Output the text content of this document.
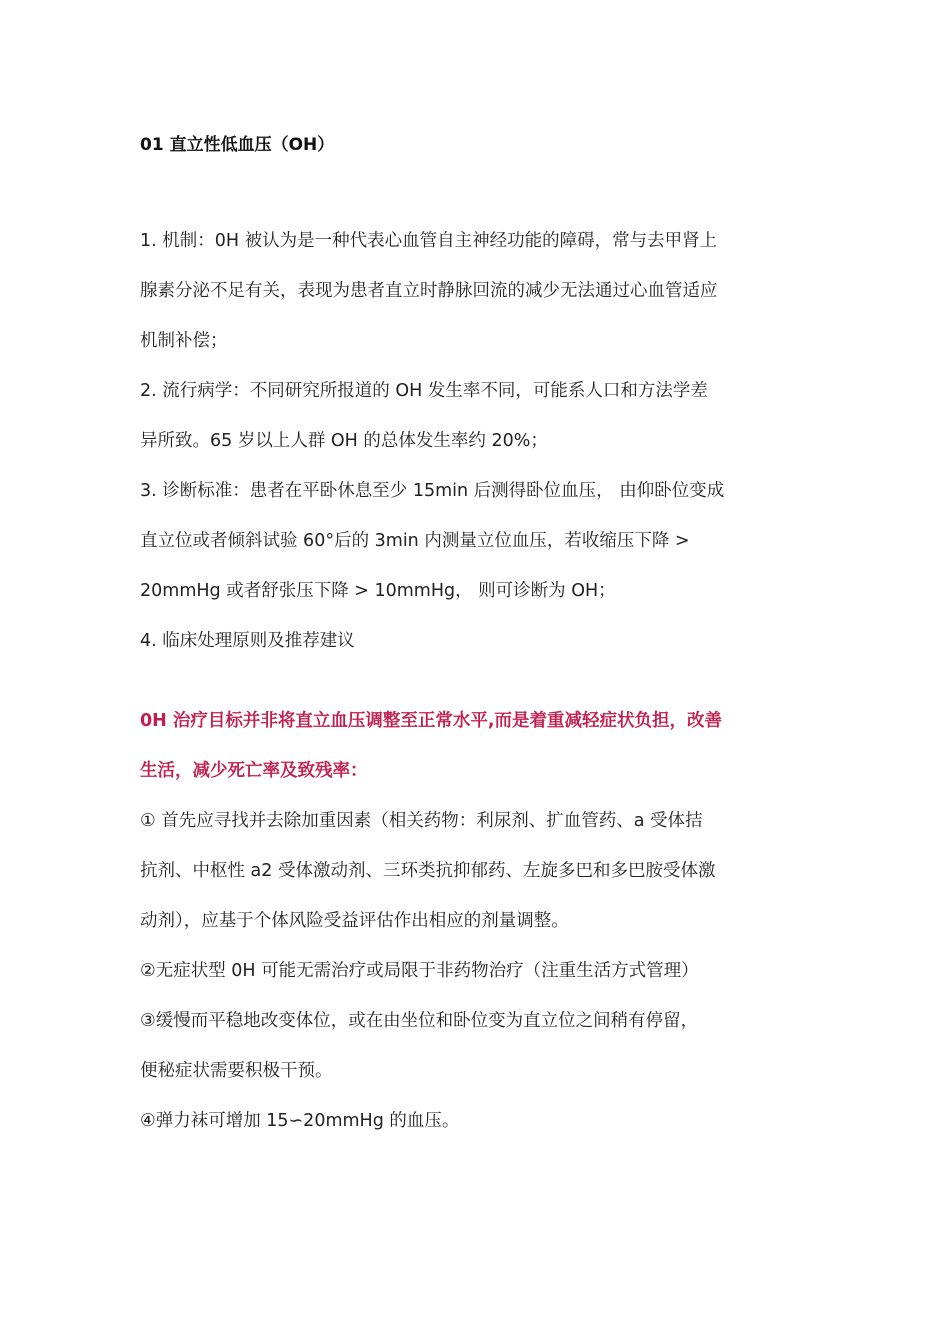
01 直立性低血压（OH）
1. 机制：0H 被认为是一种代表心血管自主神经功能的障碍，常与去甲肾上
腺素分泌不足有关，表现为患者直立时静脉回流的减少无法通过心血管适应
机制补偿；
2. 流行病学：不同研究所报道的 OH 发生率不同，可能系人口和方法学差
异所致。65 岁以上人群 OH 的总体发生率约 20%；
3. 诊断标准：患者在平卧休息至少 15min 后测得卧位血压， 由仰卧位变成
直立位或者倾斜试验 60°后的 3min 内测量立位血压，若收缩压下降 >
20mmHg 或者舒张压下降 > 10mmHg， 则可诊断为 OH；
4. 临床处理原则及推荐建议
0H 治疗目标并非将直立血压调整至正常水平,而是着重减轻症状负担，改善
生活，减少死亡率及致残率：
① 首先应寻找并去除加重因素（相关药物：利尿剂、扩血管药、a 受体拮
抗剂、中枢性 a2 受体激动剂、三环类抗抑郁药、左旋多巴和多巴胺受体激
动剂），应基于个体风险受益评估作出相应的剂量调整。
②无症状型 0H 可能无需治疗或局限于非药物治疗（注重生活方式管理）
③缓慢而平稳地改变体位，或在由坐位和卧位变为直立位之间稍有停留，
便秘症状需要积极干预。
④弹力袜可增加 15∽20mmHg 的血压。
